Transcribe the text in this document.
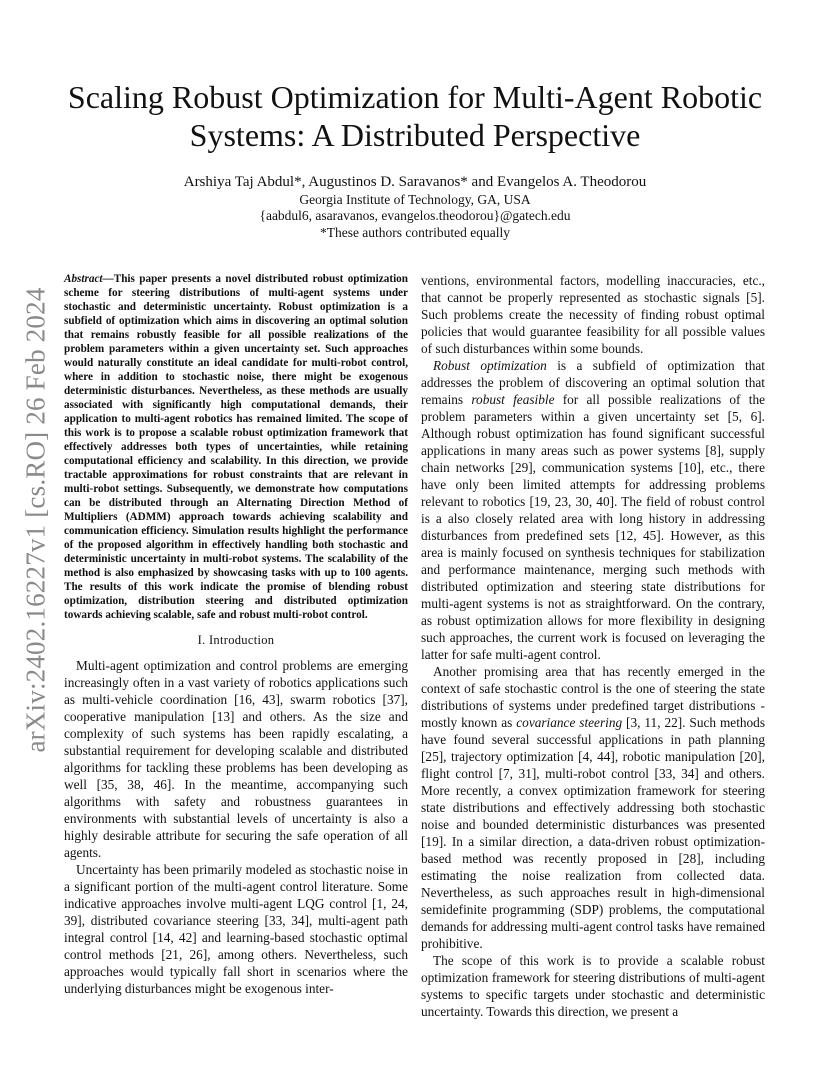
arXiv:2402.16227v1 [cs.RO] 26 Feb 2024
Scaling Robust Optimization for Multi-Agent Robotic Systems: A Distributed Perspective
Arshiya Taj Abdul*, Augustinos D. Saravanos* and Evangelos A. Theodorou
Georgia Institute of Technology, GA, USA
{aabdul6, asaravanos, evangelos.theodorou}@gatech.edu
*These authors contributed equally

Abstract—This paper presents a novel distributed robust optimization scheme for steering distributions of multi-agent systems under stochastic and deterministic uncertainty. Robust optimization is a subfield of optimization which aims in discovering an optimal solution that remains robustly feasible for all possible realizations of the problem parameters within a given uncertainty set. Such approaches would naturally constitute an ideal candidate for multi-robot control, where in addition to stochastic noise, there might be exogenous deterministic disturbances. Nevertheless, as these methods are usually associated with significantly high computational demands, their application to multi-agent robotics has remained limited. The scope of this work is to propose a scalable robust optimization framework that effectively addresses both types of uncertainties, while retaining computational efficiency and scalability. In this direction, we provide tractable approximations for robust constraints that are relevant in multi-robot settings. Subsequently, we demonstrate how computations can be distributed through an Alternating Direction Method of Multipliers (ADMM) approach towards achieving scalability and communication efficiency. Simulation results highlight the performance of the proposed algorithm in effectively handling both stochastic and deterministic uncertainty in multi-robot systems. The scalability of the method is also emphasized by showcasing tasks with up to 100 agents. The results of this work indicate the promise of blending robust optimization, distribution steering and distributed optimization towards achieving scalable, safe and robust multi-robot control.

I. Introduction

Multi-agent optimization and control problems are emerging increasingly often in a vast variety of robotics applications such as multi-vehicle coordination [16, 43], swarm robotics [37], cooperative manipulation [13] and others. As the size and complexity of such systems has been rapidly escalating, a substantial requirement for developing scalable and distributed algorithms for tackling these problems has been developing as well [35, 38, 46]. In the meantime, accompanying such algorithms with safety and robustness guarantees in environments with substantial levels of uncertainty is also a highly desirable attribute for securing the safe operation of all agents.

Uncertainty has been primarily modeled as stochastic noise in a significant portion of the multi-agent control literature. Some indicative approaches involve multi-agent LQG control [1, 24, 39], distributed covariance steering [33, 34], multi-agent path integral control [14, 42] and learning-based stochastic optimal control methods [21, 26], among others. Nevertheless, such approaches would typically fall short in scenarios where the underlying disturbances might be exogenous inter-

ventions, environmental factors, modelling inaccuracies, etc., that cannot be properly represented as stochastic signals [5]. Such problems create the necessity of finding robust optimal policies that would guarantee feasibility for all possible values of such disturbances within some bounds.

Robust optimization is a subfield of optimization that addresses the problem of discovering an optimal solution that remains robust feasible for all possible realizations of the problem parameters within a given uncertainty set [5, 6]. Although robust optimization has found significant successful applications in many areas such as power systems [8], supply chain networks [29], communication systems [10], etc., there have only been limited attempts for addressing problems relevant to robotics [19, 23, 30, 40]. The field of robust control is a also closely related area with long history in addressing disturbances from predefined sets [12, 45]. However, as this area is mainly focused on synthesis techniques for stabilization and performance maintenance, merging such methods with distributed optimization and steering state distributions for multi-agent systems is not as straightforward. On the contrary, as robust optimization allows for more flexibility in designing such approaches, the current work is focused on leveraging the latter for safe multi-agent control.

Another promising area that has recently emerged in the context of safe stochastic control is the one of steering the state distributions of systems under predefined target distributions - mostly known as covariance steering [3, 11, 22]. Such methods have found several successful applications in path planning [25], trajectory optimization [4, 44], robotic manipulation [20], flight control [7, 31], multi-robot control [33, 34] and others. More recently, a convex optimization framework for steering state distributions and effectively addressing both stochastic noise and bounded deterministic disturbances was presented [19]. In a similar direction, a data-driven robust optimization-based method was recently proposed in [28], including estimating the noise realization from collected data. Nevertheless, as such approaches result in high-dimensional semidefinite programming (SDP) problems, the computational demands for addressing multi-agent control tasks have remained prohibitive.

The scope of this work is to provide a scalable robust optimization framework for steering distributions of multi-agent systems to specific targets under stochastic and deterministic uncertainty. Towards this direction, we present a
